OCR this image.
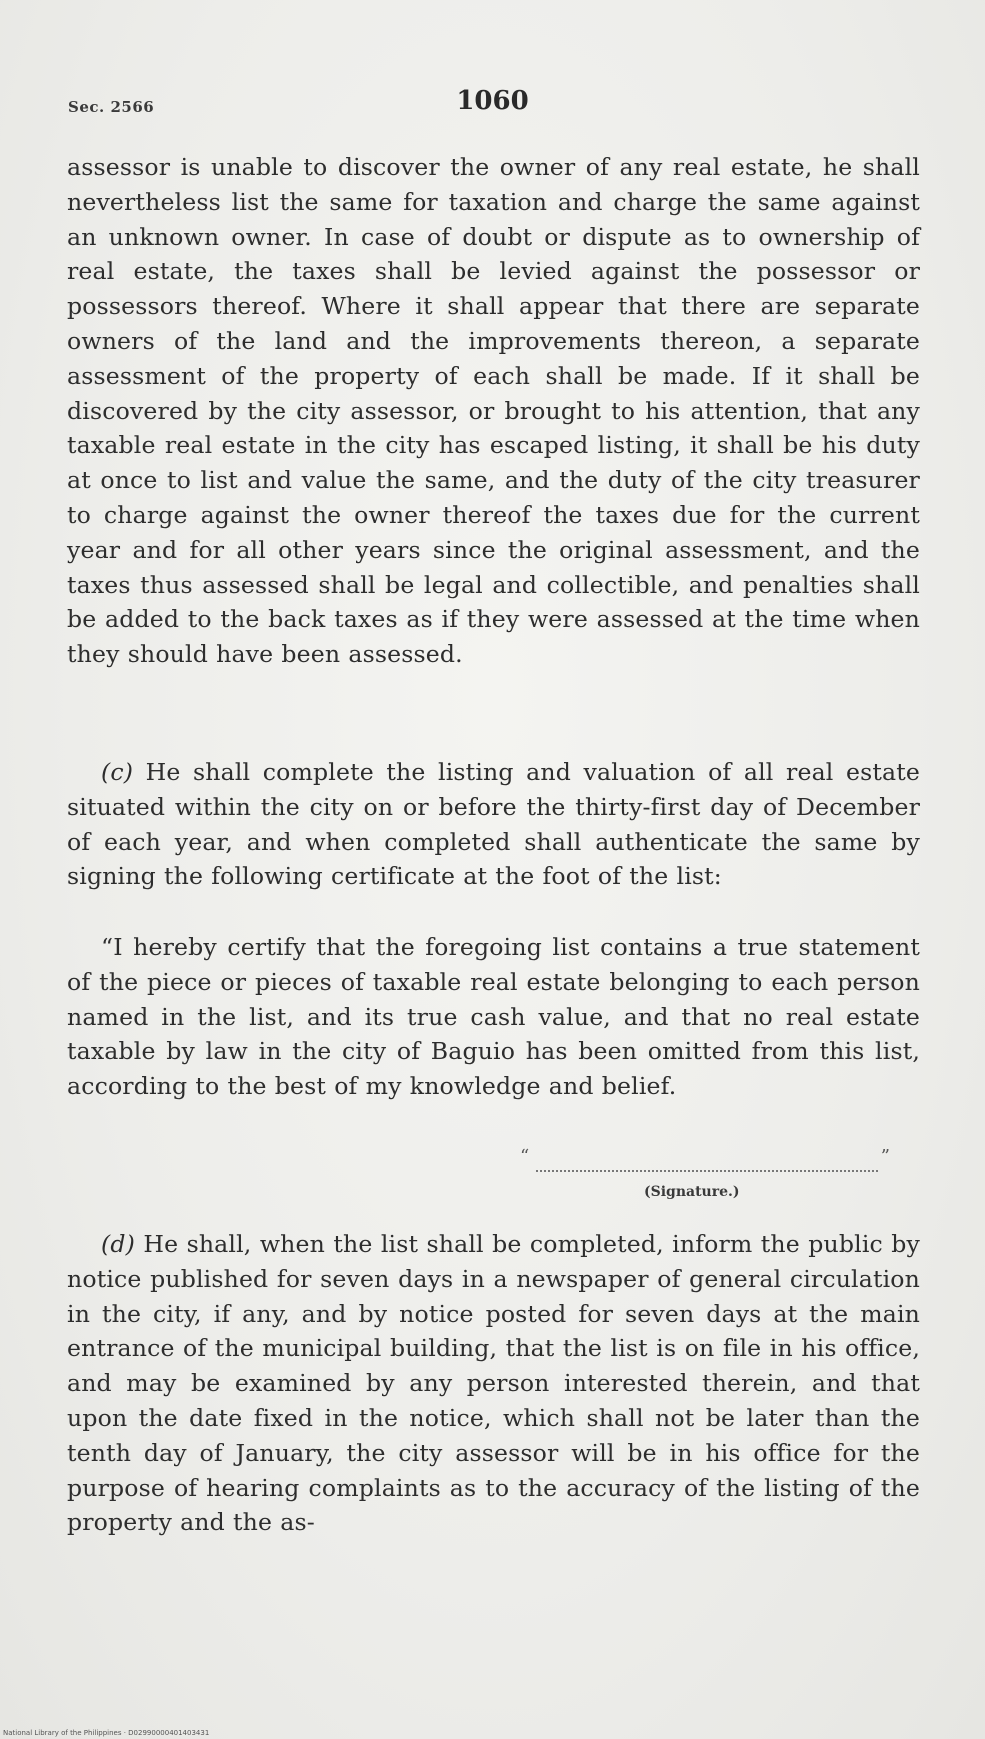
Sec. 2566	1060

assessor is unable to discover the owner of any real estate, he shall nevertheless list the same for taxation and charge the same against an unknown owner. In case of doubt or dispute as to ownership of real estate, the taxes shall be levied against the possessor or possessors thereof. Where it shall appear that there are separate owners of the land and the improvements thereon, a separate assessment of the property of each shall be made. If it shall be discovered by the city assessor, or brought to his attention, that any taxable real estate in the city has escaped listing, it shall be his duty at once to list and value the same, and the duty of the city treasurer to charge against the owner thereof the taxes due for the current year and for all other years since the original assessment, and the taxes thus assessed shall be legal and collectible, and penalties shall be added to the back taxes as if they were assessed at the time when they should have been assessed.

(c) He shall complete the listing and valuation of all real estate situated within the city on or before the thirty-first day of December of each year, and when completed shall authenticate the same by signing the following certificate at the foot of the list:

“I hereby certify that the foregoing list contains a true statement of the piece or pieces of taxable real estate belonging to each person named in the list, and its true cash value, and that no real estate taxable by law in the city of Baguio has been omitted from this list, according to the best of my knowledge and belief.

“	”
(Signature.)

(d) He shall, when the list shall be completed, inform the public by notice published for seven days in a newspaper of general circulation in the city, if any, and by notice posted for seven days at the main entrance of the municipal building, that the list is on file in his office, and may be examined by any person interested therein, and that upon the date fixed in the notice, which shall not be later than the tenth day of January, the city assessor will be in his office for the purpose of hearing complaints as to the accuracy of the listing of the property and the as-

National Library of the Philippines · D02990000401403431
